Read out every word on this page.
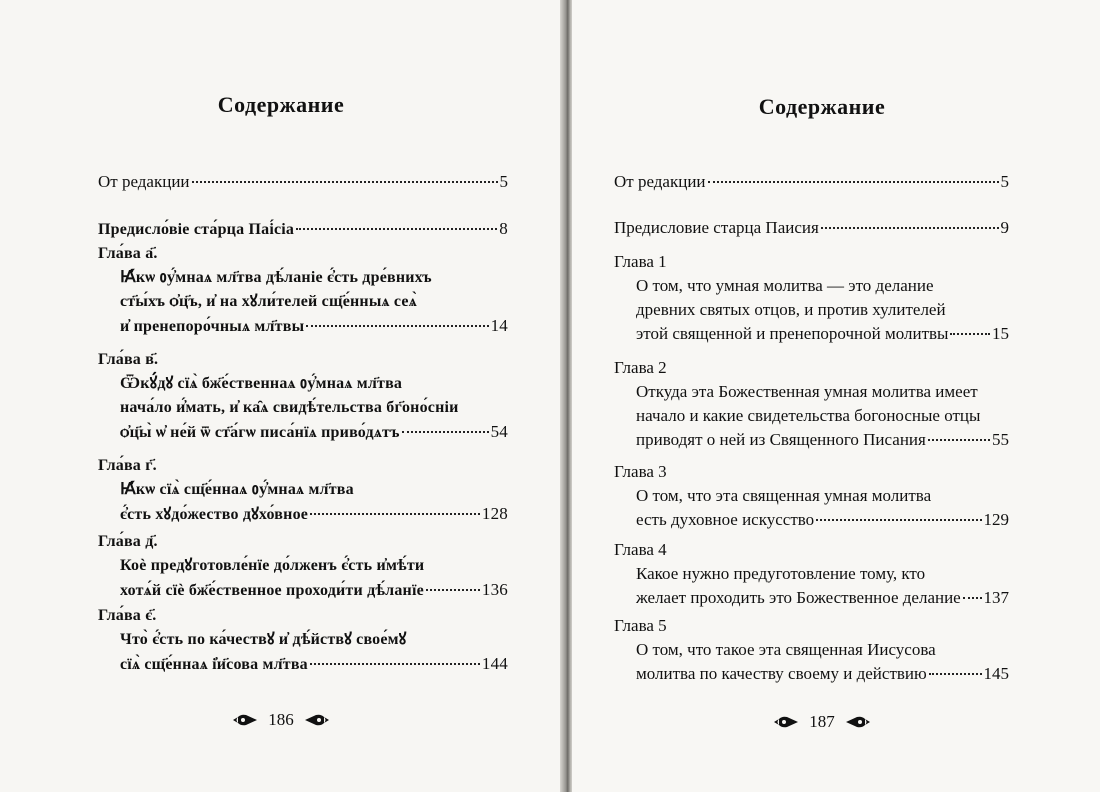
Содержание
От редакции	5
Предисло́віе ста́рца Паі́сіа	8
Гла́ва а҃.
Ꙗ҆́кѡ ᲂу҆́мнаѧ мл҃тва дѣ́ланіе є҆́сть дре́внихъ
ст҃ы́хъ ѻ҆ц҃ъ, и҆ на хꙋли́телей сщ҃е́нныѧ сеѧ̀
и҆ пренепоро́чныѧ мл҃твы	14
Гла́ва в҃.
Ѿкꙋ́дꙋ сїѧ̀ бж҃е́ственнаѧ ᲂу҆́мнаѧ мл҃тва
нача́ло и҆́мать, и҆ ка̑ѧ свидѣ́тельства бг҃оно́сніи
ѻ҆ц҃ы̀ ѡ҆ не́й ѿ ст҃а́гѡ писа́нїѧ приво́дѧтъ	54
Гла́ва г҃.
Ꙗ҆́кѡ сїѧ̀ сщ҃е́ннаѧ ᲂу҆́мнаѧ мл҃тва
є҆́сть хꙋдо́жество дꙋхо́вное	128
Гла́ва д҃.
Коѐ предꙋготовле́нїе до́лженъ є҆́сть и҆мѣ́ти
хотѧ́й сїѐ бж҃е́ственное проходи́ти дѣ́ланїе	136
Гла́ва є҃.
Что̀ є҆́сть по ка́чествꙋ и҆ дѣ́йствꙋ свое́мꙋ
сїѧ̀ сщ҃е́ннаѧ і҆и҃сова мл҃тва	144
186
Содержание
От редакции	5
Предисловие старца Паисия	9
Глава 1
О том, что умная молитва — это делание
древних святых отцов, и против хулителей
этой священной и пренепорочной молитвы	15
Глава 2
Откуда эта Божественная умная молитва имеет
начало и какие свидетельства богоносные отцы
приводят о ней из Священного Писания	55
Глава 3
О том, что эта священная умная молитва
есть духовное искусство	129
Глава 4
Какое нужно предуготовление тому, кто
желает проходить это Божественное делание 137
Глава 5
О том, что такое эта священная Иисусова
молитва по качеству своему и действию	145
187
